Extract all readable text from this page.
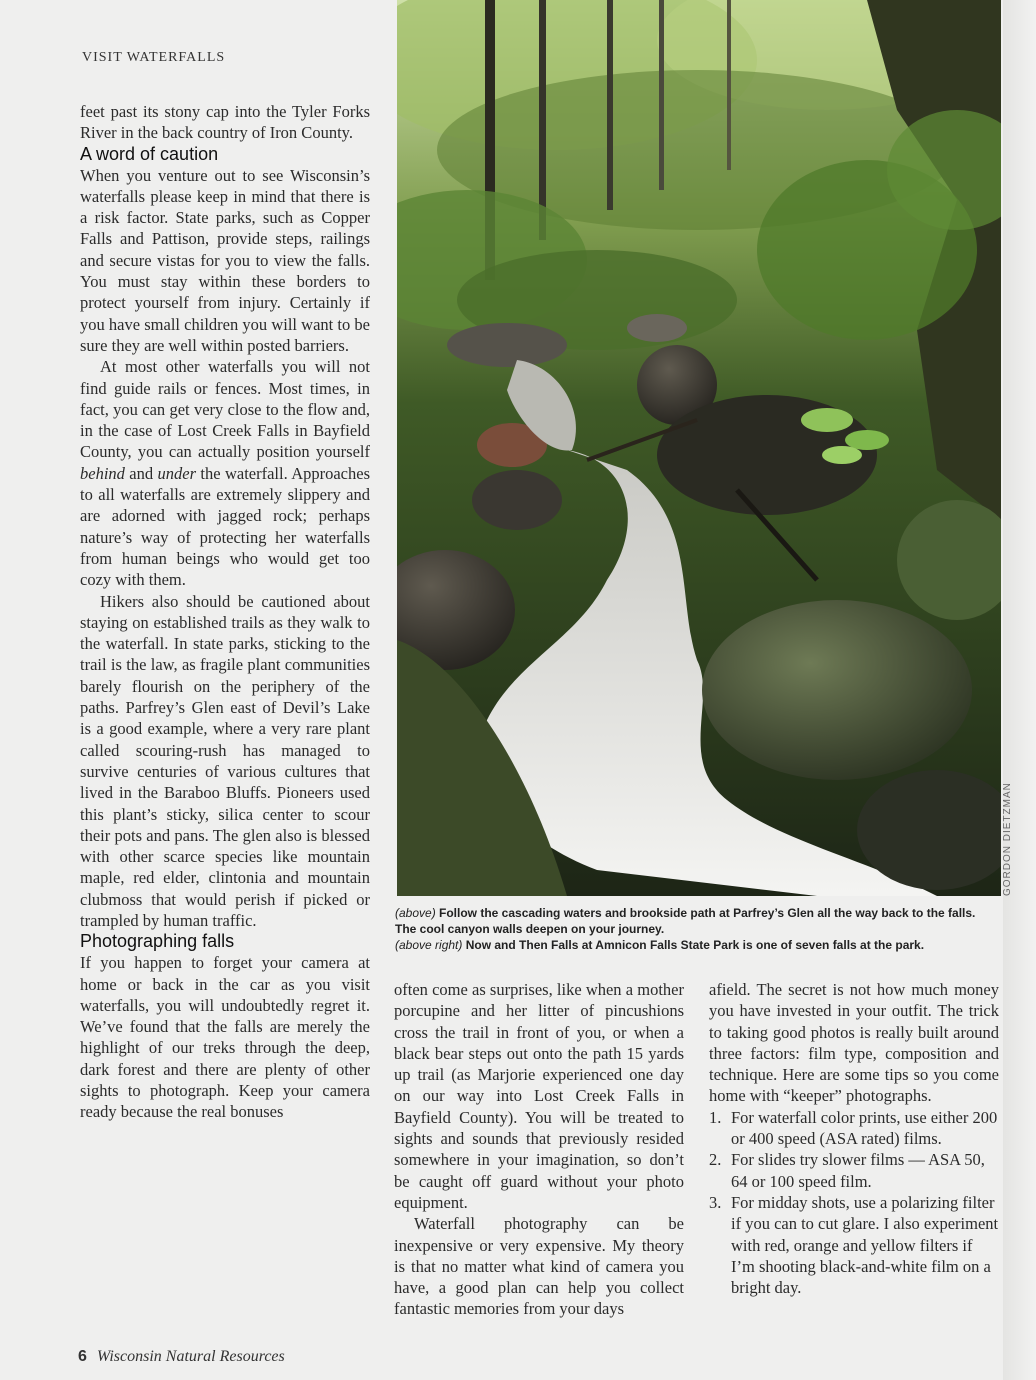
VISIT WATERFALLS
GORDON DIETZMAN
(above) Follow the cascading waters and brookside path at Parfrey’s Glen all the way back to the falls. The cool canyon walls deepen on your journey.
(above right) Now and Then Falls at Amnicon Falls State Park is one of seven falls at the park.

feet past its stony cap into the Tyler Forks River in the back country of Iron County.

A word of caution

When you venture out to see Wisconsin’s waterfalls please keep in mind that there is a risk factor. State parks, such as Copper Falls and Pattison, provide steps, railings and secure vistas for you to view the falls. You must stay within these borders to protect yourself from injury. Certainly if you have small children you will want to be sure they are well within posted barriers.

At most other waterfalls you will not find guide rails or fences. Most times, in fact, you can get very close to the flow and, in the case of Lost Creek Falls in Bayfield County, you can actually position yourself behind and under the waterfall. Approaches to all waterfalls are extremely slippery and are adorned with jagged rock; perhaps nature’s way of protecting her waterfalls from human beings who would get too cozy with them.

Hikers also should be cautioned about staying on established trails as they walk to the waterfall. In state parks, sticking to the trail is the law, as fragile plant communities barely flourish on the periphery of the paths. Parfrey’s Glen east of Devil’s Lake is a good example, where a very rare plant called scouring-rush has managed to survive centuries of various cultures that lived in the Baraboo Bluffs. Pioneers used this plant’s sticky, silica center to scour their pots and pans. The glen also is blessed with other scarce species like mountain maple, red elder, clintonia and mountain clubmoss that would perish if picked or trampled by human traffic.

Photographing falls

If you happen to forget your camera at home or back in the car as you visit waterfalls, you will undoubtedly regret it. We’ve found that the falls are merely the highlight of our treks through the deep, dark forest and there are plenty of other sights to photograph. Keep your camera ready because the real bonuses

often come as surprises, like when a mother porcupine and her litter of pincushions cross the trail in front of you, or when a black bear steps out onto the path 15 yards up trail (as Marjorie experienced one day on our way into Lost Creek Falls in Bayfield County). You will be treated to sights and sounds that previously resided somewhere in your imagination, so don’t be caught off guard without your photo equipment.

Waterfall photography can be inexpensive or very expensive. My theory is that no matter what kind of camera you have, a good plan can help you collect fantastic memories from your days

afield. The secret is not how much money you have invested in your outfit. The trick to taking good photos is really built around three factors: film type, composition and technique. Here are some tips so you come home with “keeper” photographs.

1. For waterfall color prints, use either 200 or 400 speed (ASA rated) films.
2. For slides try slower films — ASA 50, 64 or 100 speed film.
3. For midday shots, use a polarizing filter if you can to cut glare. I also experiment with red, orange and yellow filters if I’m shooting black-and-white film on a bright day.
6 Wisconsin Natural Resources
